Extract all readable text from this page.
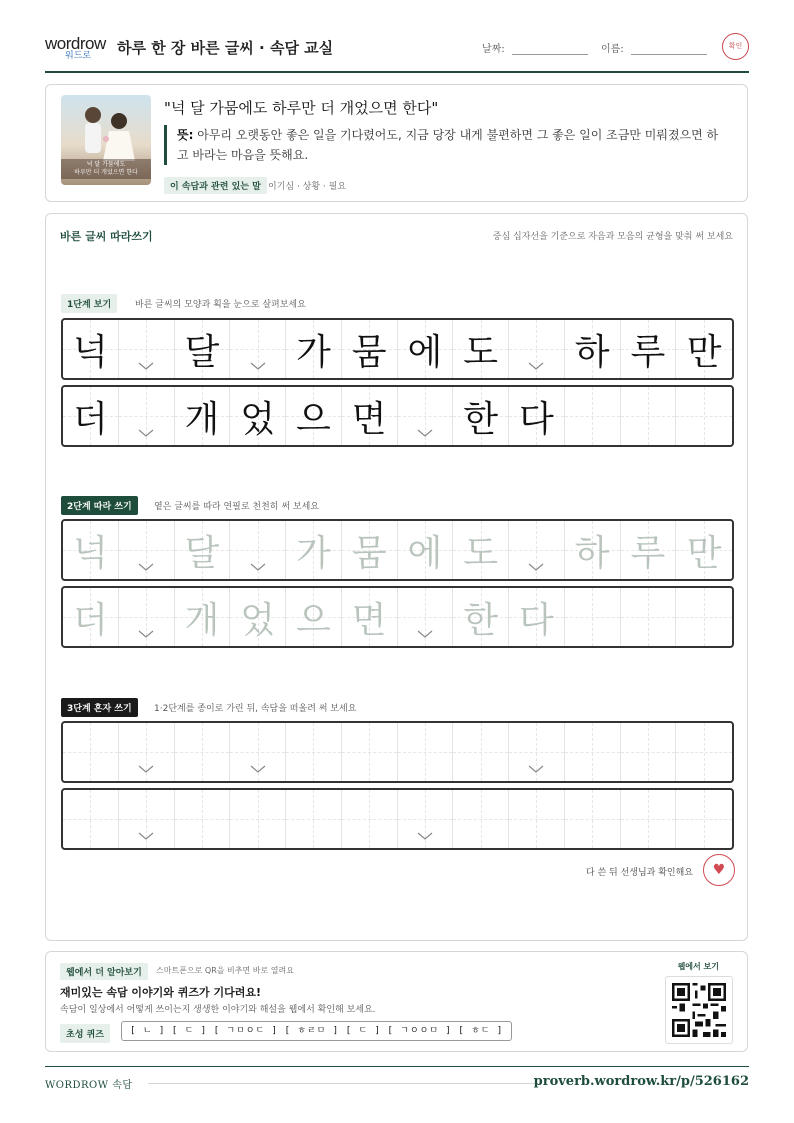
wordrow
워드로 하루 한 장 바른 글씨 · 속담 교실	날짜:	이름:	확인
넉 달 가뭄에도
하루만 더 개었으면 한다
"넉 달 가뭄에도 하루만 더 개었으면 한다"
뜻: 아무리 오랫동안 좋은 일을 기다렸어도, 지금 당장 내게 불편하면 그 좋은 일이 조금만 미뤄졌으면 하고 바라는 마음을 뜻해요.
이 속담과 관련 있는 말 이기심 · 상황 · 필요
바른 글씨 따라쓰기	중심 십자선을 기준으로 자음과 모음의 균형을 맞춰 써 보세요
1단계 보기	바른 글씨의 모양과 획을 눈으로 살펴보세요
넉 달 가 뭄 에 도 하 루 만
더 개 었 으 면 한 다
2단계 따라 쓰기	옅은 글씨를 따라 연필로 천천히 써 보세요
넉 달 가 뭄 에 도 하 루 만
더 개 었 으 면 한 다
3단계 혼자 쓰기	1·2단계를 종이로 가린 뒤, 속담을 떠올려 써 보세요
다 쓴 뒤 선생님과 확인해요	♥
웹에서 더 알아보기	스마트폰으로 QR을 비추면 바로 열려요
재미있는 속담 이야기와 퀴즈가 기다려요!
속담이 일상에서 어떻게 쓰이는지 생생한 이야기와 해설을 웹에서 확인해 보세요.
초성 퀴즈	[ ㄴ ] [ ㄷ ] [ ㄱㅁㅇㄷ ] [ ㅎㄹㅁ ] [ ㄷ ] [ ㄱㅇㅇㅁ ] [ ㅎㄷ ]
웹에서 보기
WORDROW 속담	proverb.wordrow.kr/p/526162
